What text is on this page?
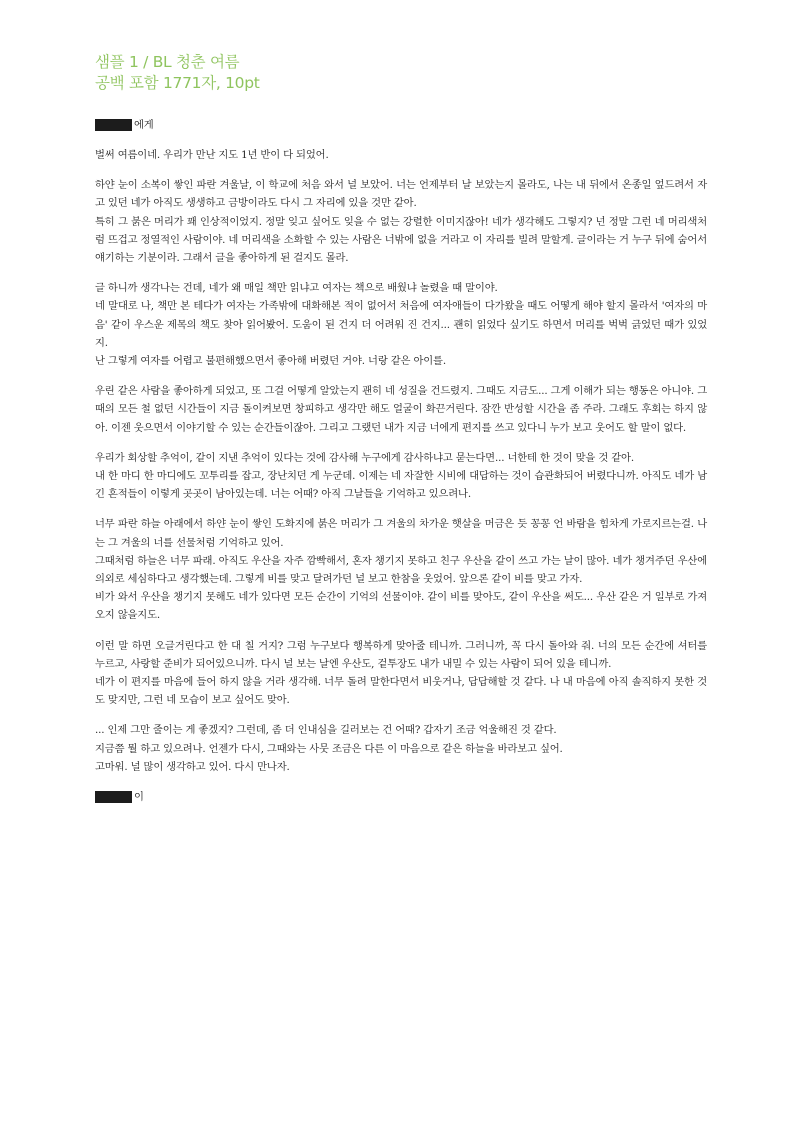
샘플 1 / BL 청춘 여름
공백 포함 1771자, 10pt
에게

벌써 여름이네. 우리가 만난 지도 1년 반이 다 되었어.

하얀 눈이 소복이 쌓인 파란 겨울날, 이 학교에 처음 와서 널 보았어. 너는 언제부터 날 보았는지 몰라도, 나는 내 뒤에서 온종일 엎드려서 자고 있던 네가 아직도 생생하고 금방이라도 다시 그 자리에 있을 것만 같아.

특히 그 붉은 머리가 꽤 인상적이었지. 정말 잊고 싶어도 잊을 수 없는 강렬한 이미지잖아! 네가 생각해도 그렇지? 넌 정말 그런 네 머리색처럼 뜨겁고 정열적인 사람이야. 네 머리색을 소화할 수 있는 사람은 너밖에 없을 거라고 이 자리를 빌려 말할게. 글이라는 거 누구 뒤에 숨어서 얘기하는 기분이라. 그래서 글을 좋아하게 된 걸지도 몰라.

글 하니까 생각나는 건데, 네가 왜 매일 책만 읽냐고 여자는 책으로 배웠냐 놀렸을 때 말이야.

네 말대로 나, 책만 본 테다가 여자는 가족밖에 대화해본 적이 없어서 처음에 여자애들이 다가왔을 때도 어떻게 해야 할지 몰라서 '여자의 마음' 같이 우스운 제목의 책도 찾아 읽어봤어. 도움이 된 건지 더 어려워 진 건지... 괜히 읽었다 싶기도 하면서 머리를 벅벅 긁었던 때가 있었지.

난 그렇게 여자를 어렵고 불편해했으면서 좋아해 버렸던 거야. 너랑 같은 아이를.

우린 같은 사람을 좋아하게 되었고, 또 그걸 어떻게 알았는지 괜히 네 성질을 건드렸지. 그때도 지금도... 그게 이해가 되는 행동은 아니야. 그때의 모든 철 없던 시간들이 지금 돌이켜보면 창피하고 생각만 해도 얼굴이 화끈거린다. 잠깐 반성할 시간을 좀 주라. 그래도 후회는 하지 않아. 이젠 웃으면서 이야기할 수 있는 순간들이잖아. 그리고 그랬던 내가 지금 너에게 편지를 쓰고 있다니 누가 보고 웃어도 할 말이 없다.

우리가 회상할 추억이, 같이 지낸 추억이 있다는 것에 감사해 누구에게 감사하냐고 묻는다면... 너한테 한 것이 맞을 것 같아.

내 한 마디 한 마디에도 꼬투리를 잡고, 장난치던 게 누군데. 이제는 네 자잘한 시비에 대답하는 것이 습관화되어 버렸다니까. 아직도 네가 남긴 흔적들이 이렇게 곳곳이 남아있는데. 너는 어때? 아직 그날들을 기억하고 있으려나.

너무 파란 하늘 아래에서 하얀 눈이 쌓인 도화지에 붉은 머리가 그 겨울의 차가운 햇살을 머금은 듯 꽁꽁 언 바람을 힘차게 가로지르는걸. 나는 그 겨울의 너를 선물처럼 기억하고 있어.

그때처럼 하늘은 너무 파래. 아직도 우산을 자주 깜빡해서, 혼자 챙기지 못하고 친구 우산을 같이 쓰고 가는 날이 많아. 네가 챙겨주던 우산에 의외로 세심하다고 생각했는데. 그렇게 비를 맞고 달려가던 널 보고 한참을 웃었어. 앞으론 같이 비를 맞고 가자.

비가 와서 우산을 챙기지 못해도 네가 있다면 모든 순간이 기억의 선물이야. 같이 비를 맞아도, 같이 우산을 써도... 우산 같은 거 일부로 가져오지 않을지도.

이런 말 하면 오글거린다고 한 대 칠 거지? 그럼 누구보다 행복하게 맞아줄 테니까. 그러니까, 꼭 다시 돌아와 줘. 너의 모든 순간에 셔터를 누르고, 사랑할 준비가 되어있으니까. 다시 널 보는 날엔 우산도, 겉투장도 내가 내밀 수 있는 사람이 되어 있을 테니까.

네가 이 편지를 마음에 들어 하지 않을 거라 생각해. 너무 돌려 말한다면서 비웃거나, 답답해할 것 같다. 나 내 마음에 아직 솔직하지 못한 것도 맞지만, 그런 네 모습이 보고 싶어도 맞아.

... 인제 그만 줄이는 게 좋겠지? 그런데, 좀 더 인내심을 길러보는 건 어때? 갑자기 조금 억울해진 것 같다.

지금쯤 뭘 하고 있으려나. 언젠가 다시, 그때와는 사뭇 조금은 다른 이 마음으로 같은 하늘을 바라보고 싶어.

고마워. 널 많이 생각하고 있어. 다시 만나자.

이
